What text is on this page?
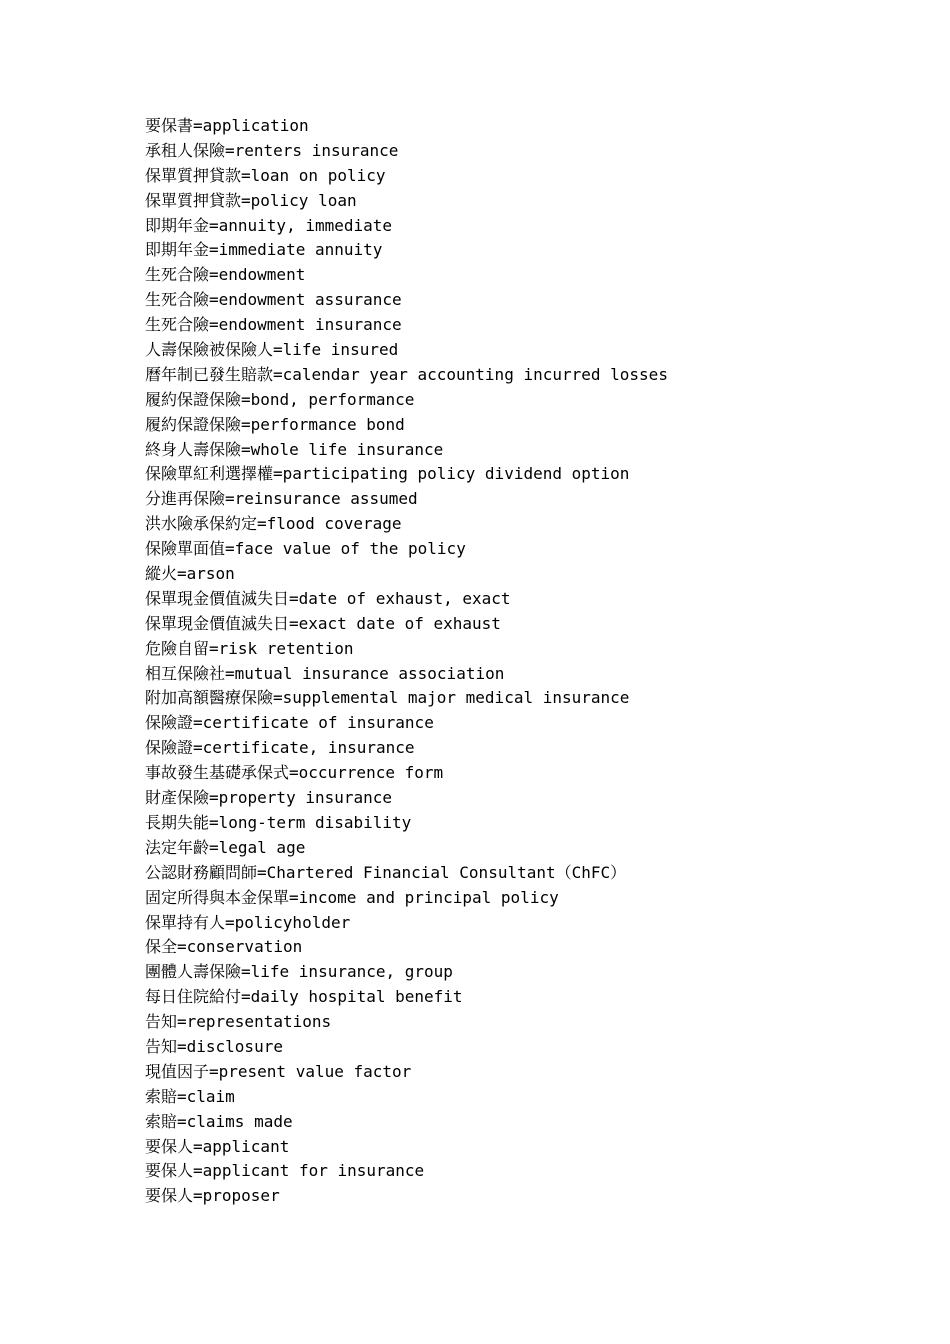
要保書=application
承租人保險=renters insurance
保單質押貸款=loan on policy
保單質押貸款=policy loan
即期年金=annuity, immediate
即期年金=immediate annuity
生死合險=endowment
生死合險=endowment assurance
生死合險=endowment insurance
人壽保險被保險人=life insured
曆年制已發生賠款=calendar year accounting incurred losses
履約保證保險=bond, performance
履約保證保險=performance bond
終身人壽保險=whole life insurance
保險單紅利選擇權=participating policy dividend option
分進再保險=reinsurance assumed
洪水險承保約定=flood coverage
保險單面值=face value of the policy
縱火=arson
保單現金價值滅失日=date of exhaust, exact
保單現金價值滅失日=exact date of exhaust
危險自留=risk retention
相互保險社=mutual insurance association
附加高額醫療保險=supplemental major medical insurance
保險證=certificate of insurance
保險證=certificate, insurance
事故發生基礎承保式=occurrence form
財產保險=property insurance
長期失能=long-term disability
法定年齡=legal age
公認財務顧問師=Chartered Financial Consultant（ChFC）
固定所得與本金保單=income and principal policy
保單持有人=policyholder
保全=conservation
團體人壽保險=life insurance, group
每日住院給付=daily hospital benefit
告知=representations
告知=disclosure
現值因子=present value factor
索賠=claim
索賠=claims made
要保人=applicant
要保人=applicant for insurance
要保人=proposer
